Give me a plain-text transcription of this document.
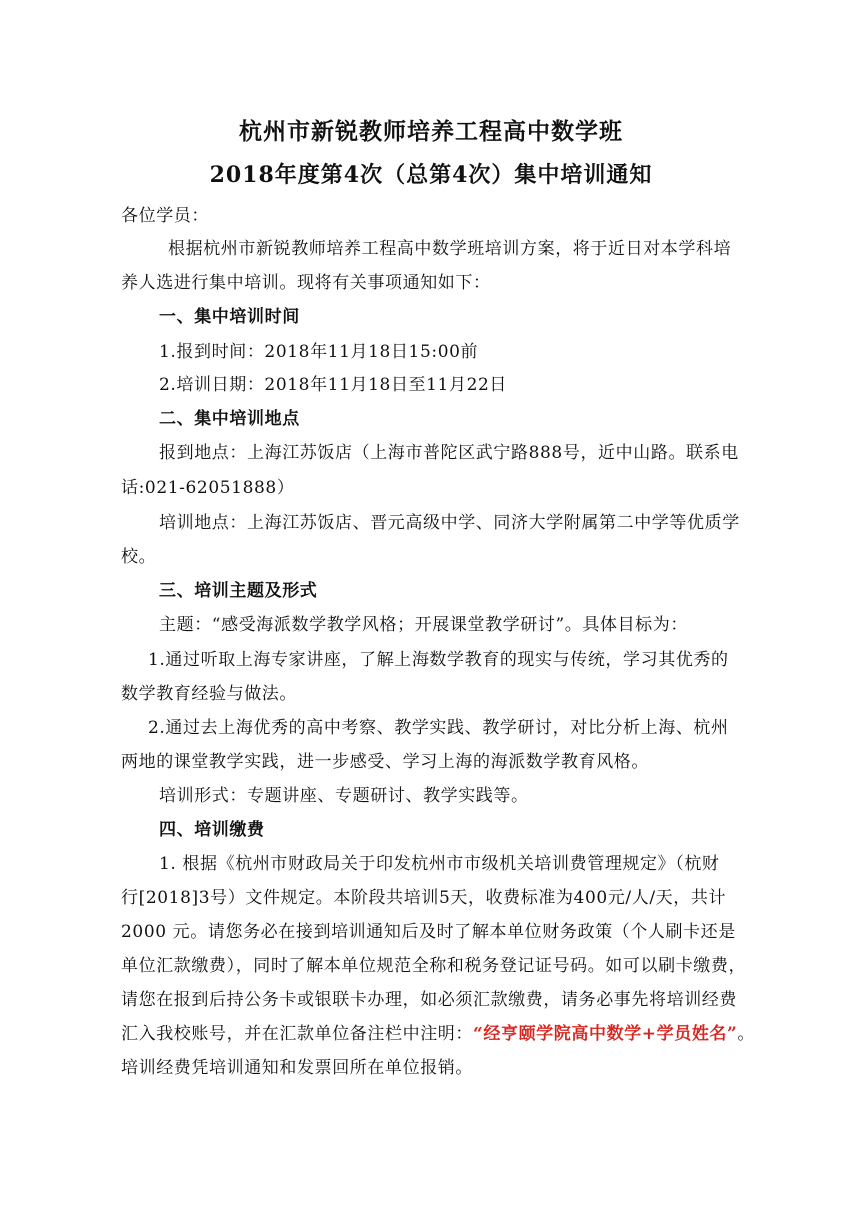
杭州市新锐教师培养工程高中数学班
2018年度第4次（总第4次）集中培训通知

各位学员：

根据杭州市新锐教师培养工程高中数学班培训方案，将于近日对本学科培

养人选进行集中培训。现将有关事项通知如下：

一、集中培训时间

1.报到时间：2018年11月18日15:00前

2.培训日期：2018年11月18日至11月22日

二、集中培训地点

报到地点：上海江苏饭店（上海市普陀区武宁路888号，近中山路。联系电

话:021-62051888）

培训地点：上海江苏饭店、晋元高级中学、同济大学附属第二中学等优质学

校。

三、培训主题及形式

主题：“感受海派数学教学风格；开展课堂教学研讨”。具体目标为：

1.通过听取上海专家讲座，了解上海数学教育的现实与传统，学习其优秀的

数学教育经验与做法。

2.通过去上海优秀的高中考察、教学实践、教学研讨，对比分析上海、杭州

两地的课堂教学实践，进一步感受、学习上海的海派数学教育风格。

培训形式：专题讲座、专题研讨、教学实践等。

四、培训缴费

1. 根据《杭州市财政局关于印发杭州市市级机关培训费管理规定》（杭财

行[2018]3号）文件规定。本阶段共培训5天，收费标准为400元/人/天，共计

2000 元。请您务必在接到培训通知后及时了解本单位财务政策（个人刷卡还是

单位汇款缴费），同时了解本单位规范全称和税务登记证号码。如可以刷卡缴费，

请您在报到后持公务卡或银联卡办理，如必须汇款缴费，请务必事先将培训经费

汇入我校账号，并在汇款单位备注栏中注明：“经亨颐学院高中数学+学员姓名”。

培训经费凭培训通知和发票回所在单位报销。
